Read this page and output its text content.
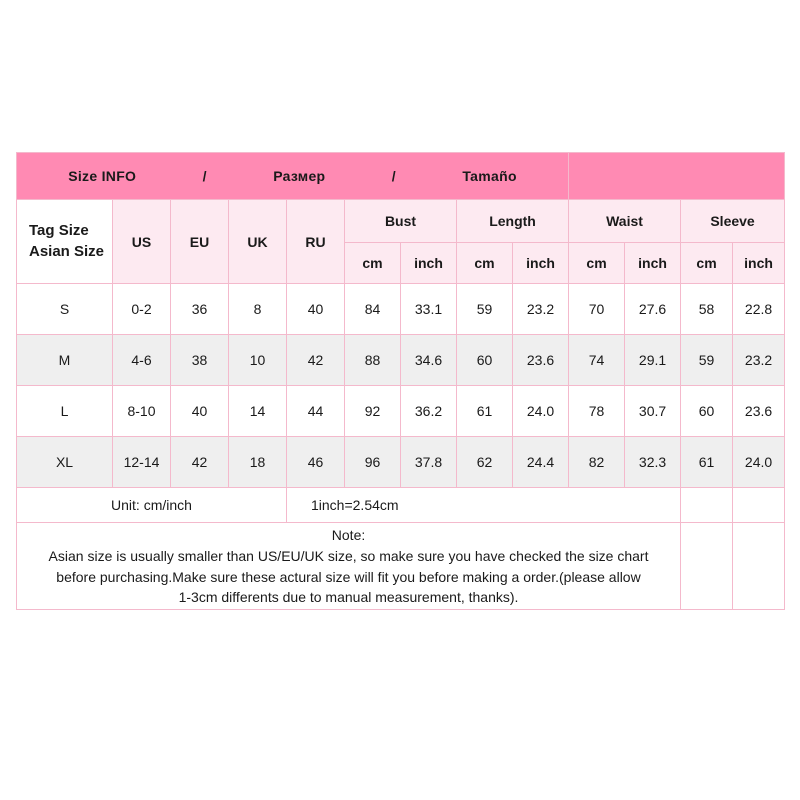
Size INFO / Размер / Tamaño												

Tag Size
Asian Size	US	EU	UK	RU	Bust		Length		Waist		Sleeve	
					cm	inch	cm	inch	cm	inch	cm	inch
S	0-2	36	8	40	84	33.1	59	23.2	70	27.6	58	22.8
M	4-6	38	10	42	88	34.6	60	23.6	74	29.1	59	23.2
L	8-10	40	14	44	92	36.2	61	24.0	78	30.7	60	23.6
XL	12-14	42	18	46	96	37.8	62	24.4	82	32.3	61	24.0
Unit: cm/inch				1inch=2.54cm								

Note:
Asian size is usually smaller than US/EU/UK size, so make sure you have checked the size chart
before purchasing.Make sure these actural size will fit you before making a order.(please allow
1-3cm differents due to manual measurement, thanks).												
